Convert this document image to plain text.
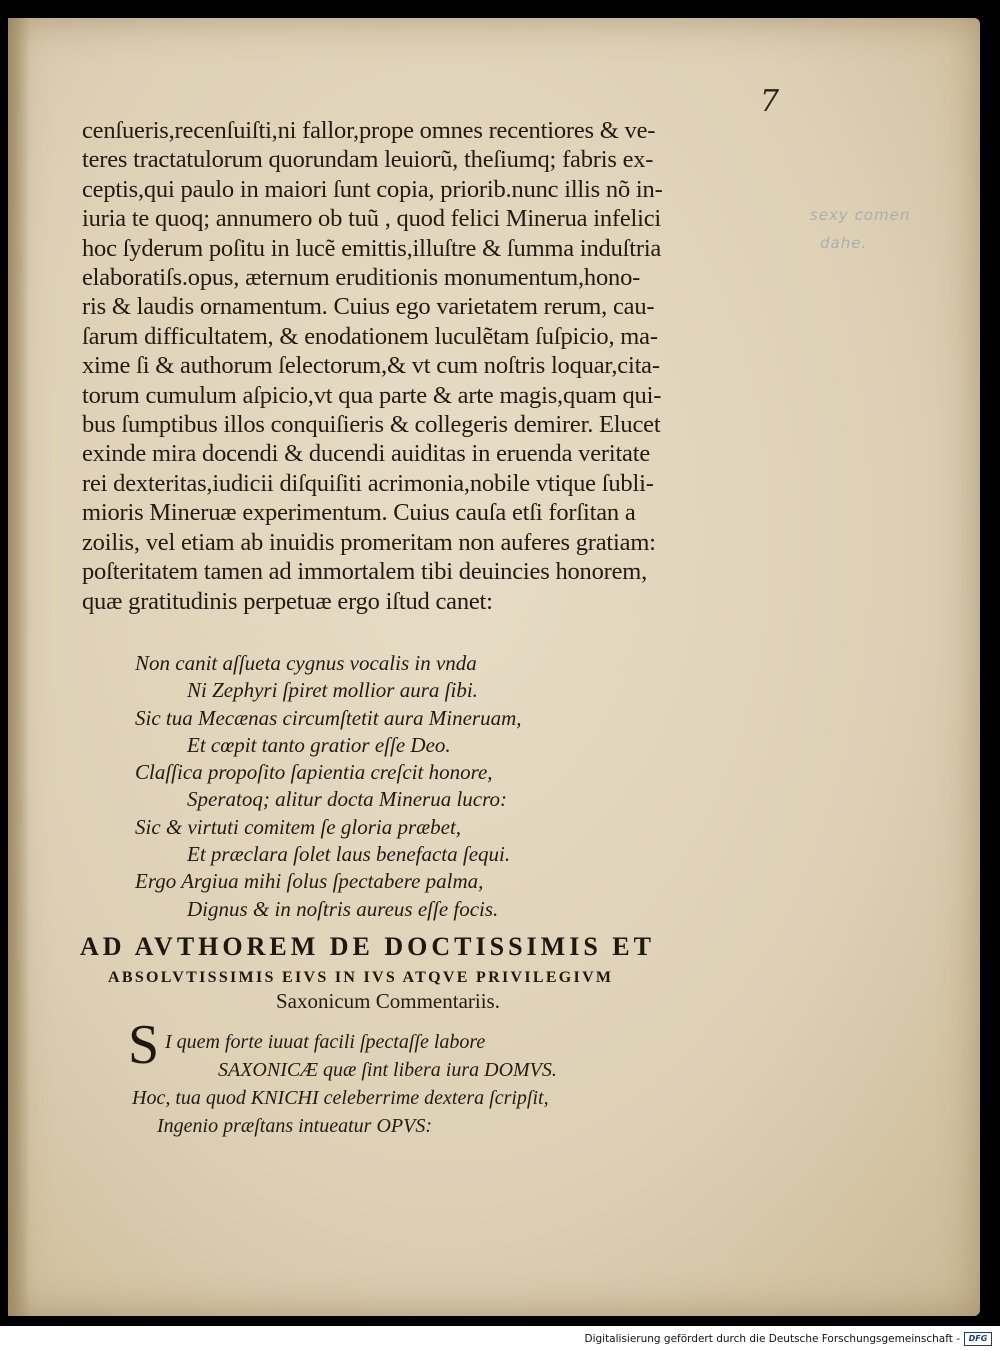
7
cenſueris,recenſuiſti,ni fallor,prope omnes recentiores & ve-
teres tractatulorum quorundam leuiorũ, theſiumq; fabris ex-
ceptis,qui paulo in maiori ſunt copia, priorib.nunc illis nõ in-
iuria te quoq; annumero ob tuũ , quod felici Minerua infelici
hoc ſyderum poſitu in lucẽ emittis,illuſtre & ſumma induſtria
elaboratiſs.opus, æternum eruditionis monumentum,hono-
ris & laudis ornamentum. Cuius ego varietatem rerum, cau-
ſarum difficultatem, & enodationem luculẽtam ſuſpicio, ma-
xime ſi & authorum ſelectorum,& vt cum noſtris loquar,cita-
torum cumulum aſpicio,vt qua parte & arte magis,quam qui-
bus ſumptibus illos conquiſieris & collegeris demirer. Elucet
exinde mira docendi & ducendi auiditas in eruenda veritate
rei dexteritas,iudicii diſquiſiti acrimonia,nobile vtique ſubli-
mioris Mineruæ experimentum. Cuius cauſa etſi forſitan a
zoilis, vel etiam ab inuidis promeritam non auferes gratiam:
poſteritatem tamen ad immortalem tibi deuincies honorem,
quæ gratitudinis perpetuæ ergo iſtud canet:
Non canit aſſueta cygnus vocalis in vnda
Ni Zephyri ſpiret mollior aura ſibi.
Sic tua Mecænas circumſtetit aura Mineruam,
Et cœpit tanto gratior eſſe Deo.
Claſſica propoſito ſapientia creſcit honore,
Speratoq; alitur docta Minerua lucro:
Sic & virtuti comitem ſe gloria præbet,
Et præclara ſolet laus benefacta ſequi.
Ergo Argiua mihi ſolus ſpectabere palma,
Dignus & in noſtris aureus eſſe focis.
AD AVTHOREM DE DOCTISSIMIS ET
ABSOLVTISSIMIS EIVS IN IVS ATQVE PRIVILEGIVM
Saxonicum Commentariis.
S I quem forte iuuat facili ſpectaſſe labore
SAXONICÆ quæ ſint libera iura DOMVS.
Hoc, tua quod KNICHI celeberrime dextera ſcripſit,
Ingenio præſtans intueatur OPVS:
sexy comen
dahe.
Digitalisierung gefördert durch die Deutsche Forschungsgemeinschaft -	DFG
